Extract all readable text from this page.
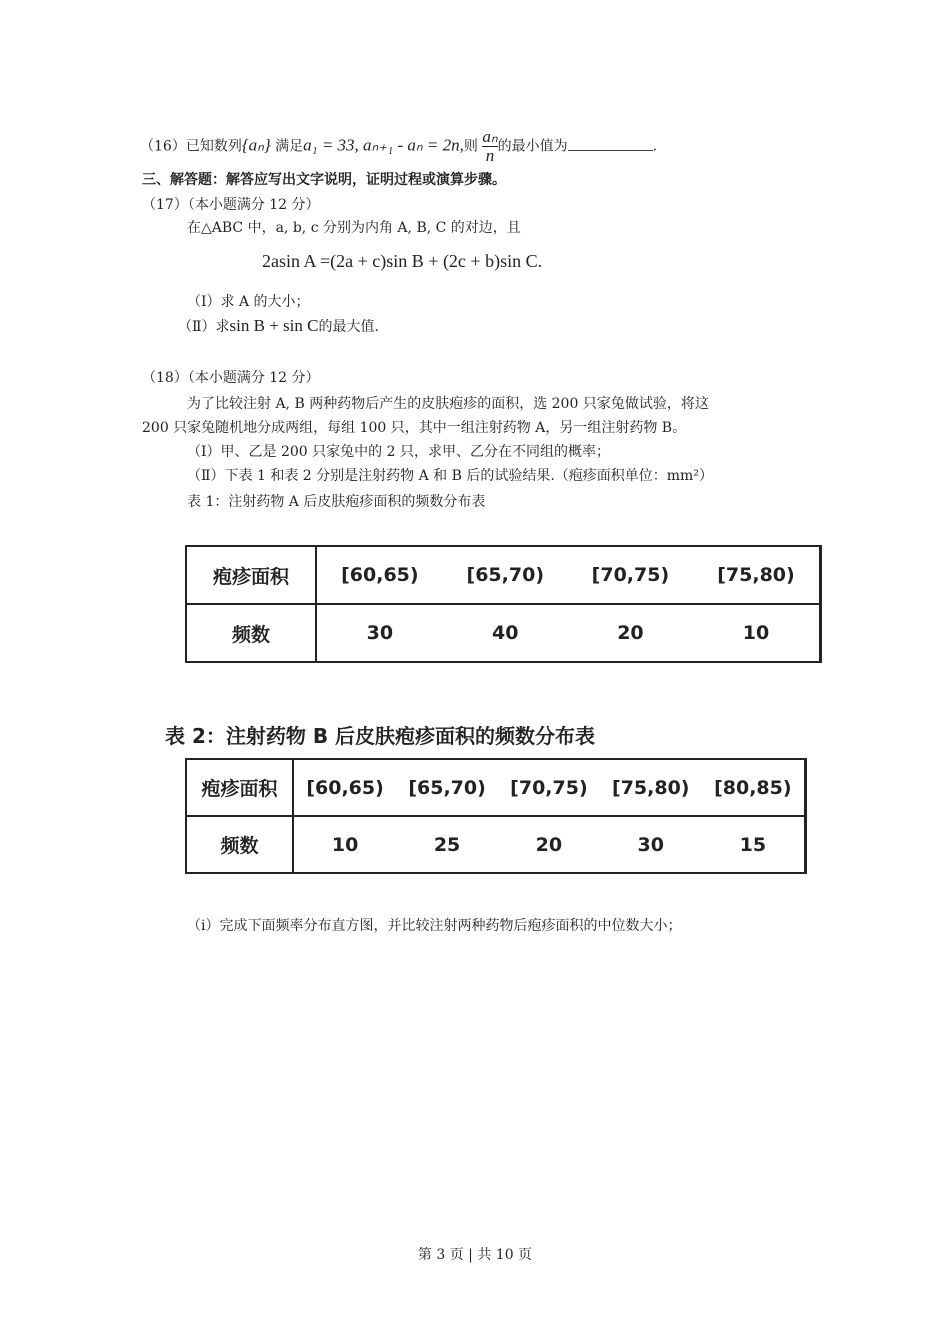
（16）已知数列{aₙ} 满足a₁ = 33, aₙ₊₁ - aₙ = 2n,则 $\frac{\text{aₙ}}{n}$ 的最小值为	.
三、解答题：解答应写出文字说明，证明过程或演算步骤。
（17）（本小题满分 12 分）
在△ABC 中，a, b, c 分别为内角 A, B, C 的对边，且
2asin A =(2a + c)sin B + (2c + b)sin C.
（Ⅰ）求 A 的大小；
（Ⅱ）求sin B + sin C的最大值.
（18）（本小题满分 12 分）
为了比较注射 A, B 两种药物后产生的皮肤疱疹的面积，选 200 只家兔做试验，将这
200 只家兔随机地分成两组，每组 100 只，其中一组注射药物 A，另一组注射药物 B。
（Ⅰ）甲、乙是 200 只家兔中的 2 只，求甲、乙分在不同组的概率；
（Ⅱ）下表 1 和表 2 分别是注射药物 A 和 B 后的试验结果.（疱疹面积单位：mm²）
表 1：注射药物 A 后皮肤疱疹面积的频数分布表
疱疹面积	[60,65)	[65,70)	[70,75)	[75,80)
频数	30	40	20	10
表 2：注射药物 B 后皮肤疱疹面积的频数分布表
疱疹面积	[60,65)	[65,70)	[70,75)	[75,80)	[80,85)
频数	10	25	20	30	15
（ⅰ）完成下面频率分布直方图，并比较注射两种药物后疱疹面积的中位数大小；
第 3 页 | 共 10 页
